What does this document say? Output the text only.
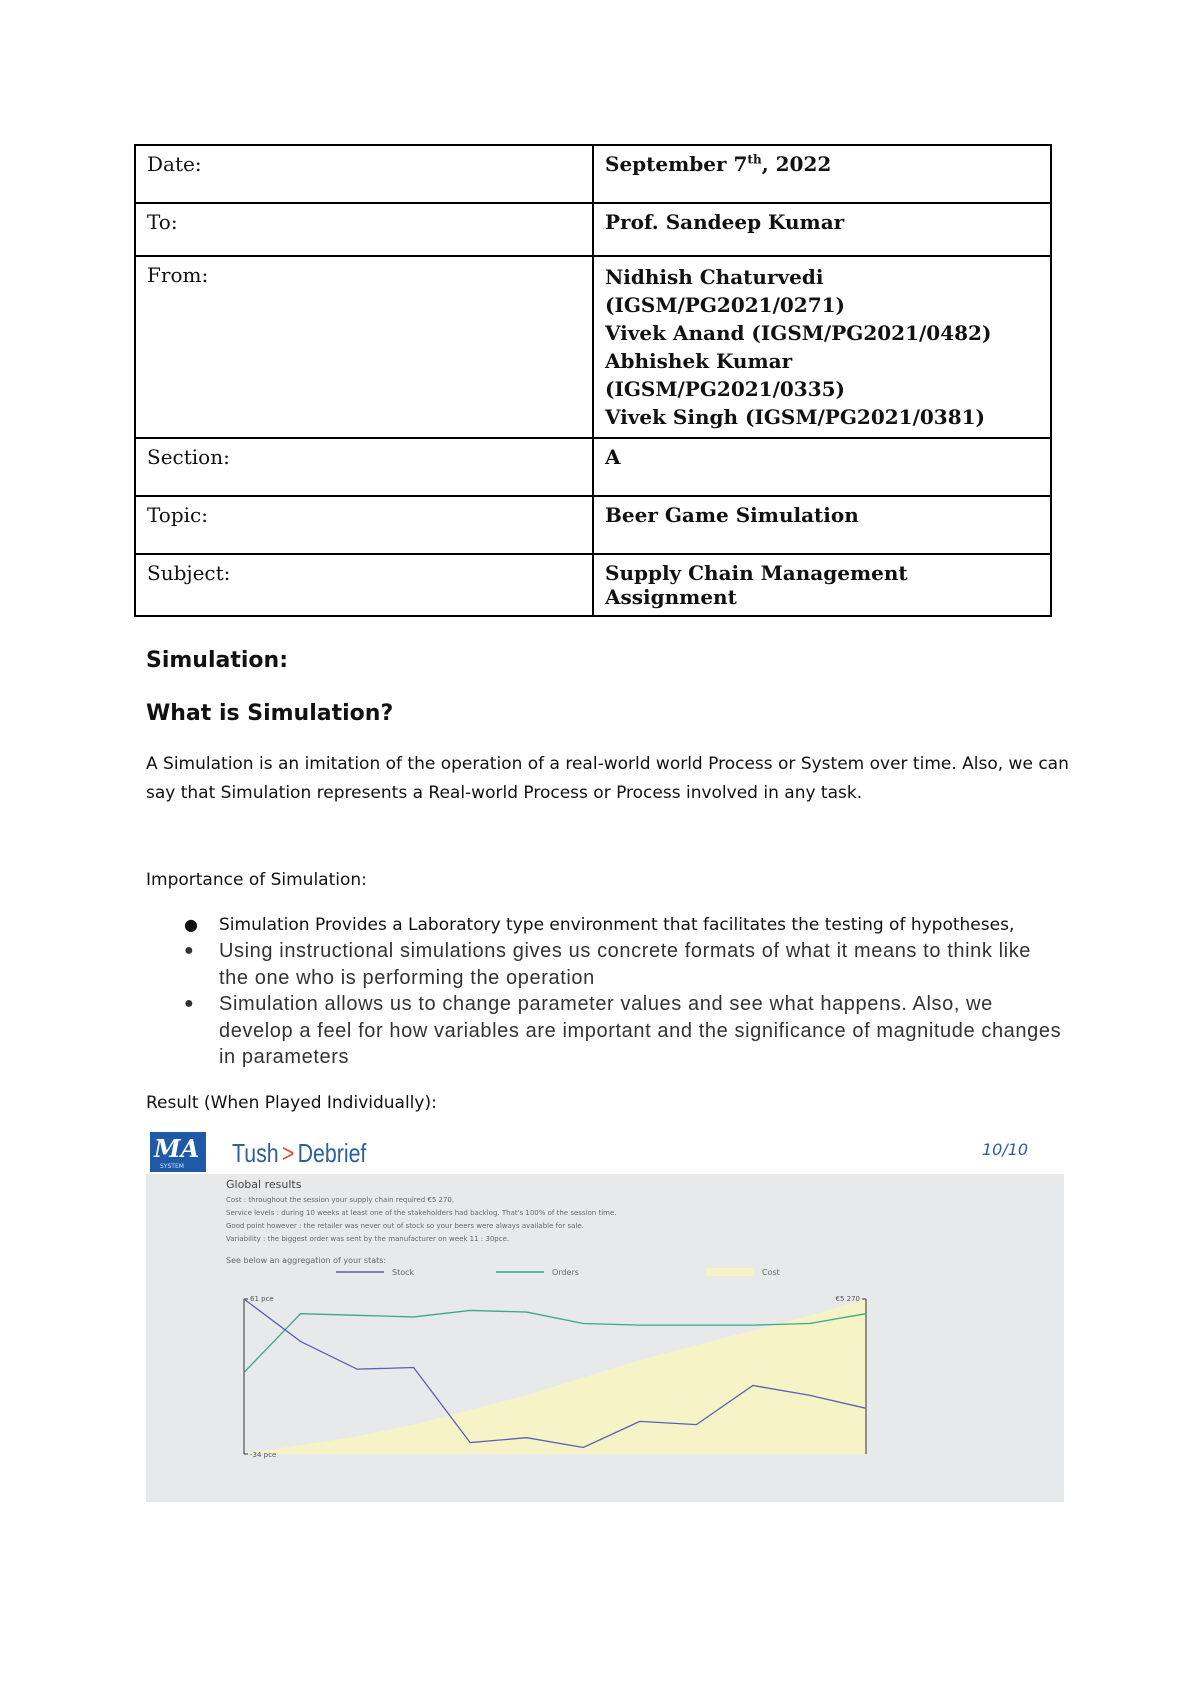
Date:	September 7th, 2022
To:	Prof. Sandeep Kumar
From:	Nidhish Chaturvedi
(IGSM/PG2021/0271)
Vivek Anand (IGSM/PG2021/0482)
Abhishek Kumar (IGSM/PG2021/0335)
Vivek Singh (IGSM/PG2021/0381)

Section:	A
Topic:	Beer Game Simulation
Subject:	Supply Chain Management Assignment
Simulation:
What is Simulation?
A Simulation is an imitation of the operation of a real-world world Process or System over time. Also, we can say that Simulation represents a Real-world Process or Process involved in any task.
Importance of Simulation:
● Simulation Provides a Laboratory type environment that facilitates the testing of hypotheses,
● Using instructional simulations gives us concrete formats of what it means to think like the one who is performing the operation
● Simulation allows us to change parameter values and see what happens. Also, we develop a feel for how variables are important and the significance of magnitude changes in parameters
Result (When Played Individually):
MA
SYSTEM Tush > Debrief	10/10
Global results
Cost : throughout the session your supply chain required €5 270.
Service levels : during 10 weeks at least one of the stakeholders had backlog. That's 100% of the session time.
Good point however : the retailer was never out of stock so your beers were always available for sale.
Variability : the biggest order was sent by the manufacturer on week 11 : 30pce.
See below an aggregation of your stats:
Stock	Orders	Cost
61 pce
-34 pce
€5 270
